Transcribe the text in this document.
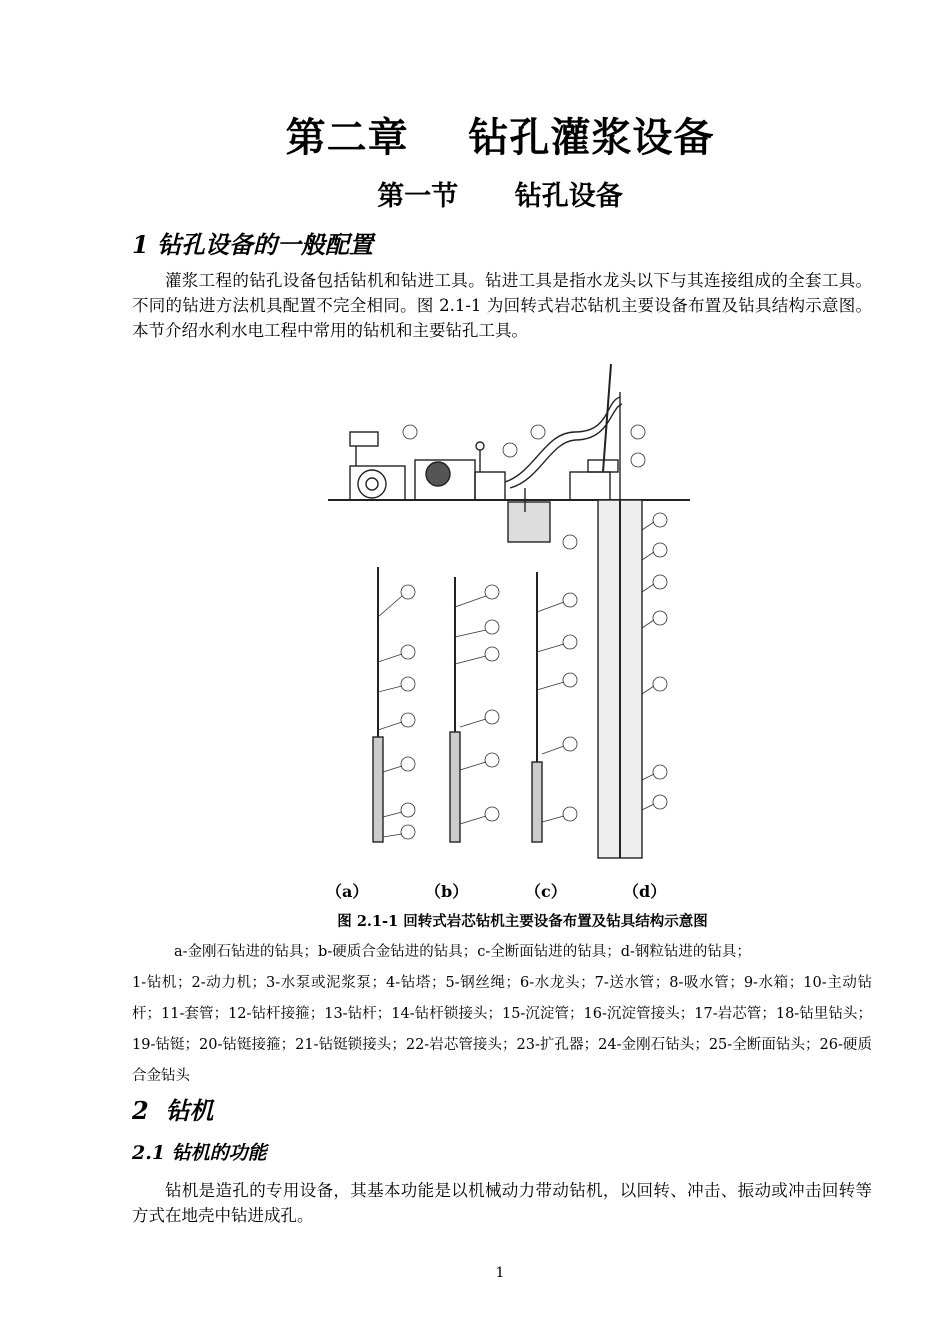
第二章    钻孔灌浆设备
第一节      钻孔设备
1 钻孔设备的一般配置

灌浆工程的钻孔设备包括钻机和钻进工具。钻进工具是指水龙头以下与其连接组成的全套工具。不同的钻进方法机具配置不完全相同。图 2.1-1 为回转式岩芯钻机主要设备布置及钻具结构示意图。本节介绍水利水电工程中常用的钻机和主要钻孔工具。

（a）	（b）	（c）	（d）
图 2.1-1 回转式岩芯钻机主要设备布置及钻具结构示意图
a-金刚石钻进的钻具；b-硬质合金钻进的钻具；c-全断面钻进的钻具；d-钢粒钻进的钻具；
1-钻机；2-动力机；3-水泵或泥浆泵；4-钻塔；5-钢丝绳；6-水龙头；7-送水管；8-吸水管；9-水箱；10-主动钻杆；11-套管；12-钻杆接箍；13-钻杆；14-钻杆锁接头；15-沉淀管；16-沉淀管接头；17-岩芯管；18-钻里钻头；19-钻铤；20-钻铤接箍；21-钻铤锁接头；22-岩芯管接头；23-扩孔器；24-金刚石钻头；25-全断面钻头；26-硬质合金钻头
2  钻机
2.1 钻机的功能

钻机是造孔的专用设备，其基本功能是以机械动力带动钻机，以回转、冲击、振动或冲击回转等方式在地壳中钻进成孔。

1
